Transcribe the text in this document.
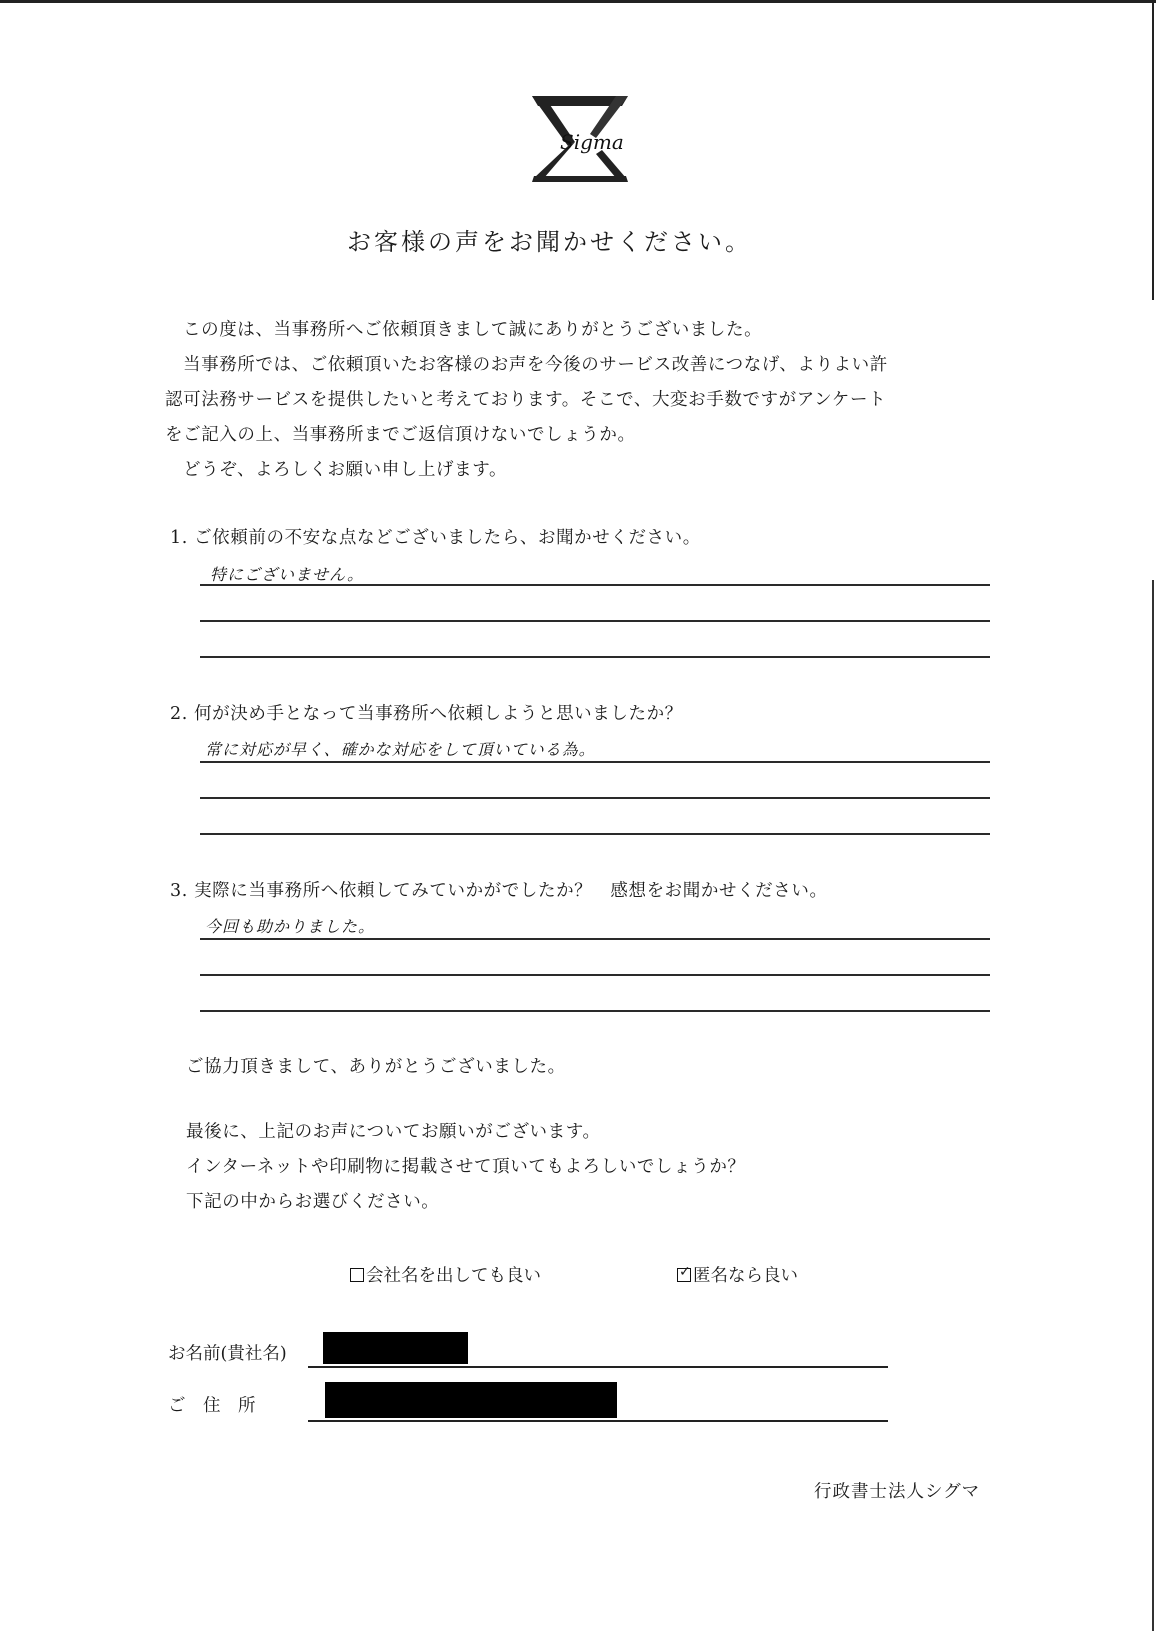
Sigma
お客様の声をお聞かせください。
この度は、当事務所へご依頼頂きまして誠にありがとうございました。
当事務所では、ご依頼頂いたお客様のお声を今後のサービス改善につなげ、よりよい許
認可法務サービスを提供したいと考えております。そこで、大変お手数ですがアンケート
をご記入の上、当事務所までご返信頂けないでしょうか。
どうぞ、よろしくお願い申し上げます。
1. ご依頼前の不安な点などございましたら、お聞かせください。
特にございません。
2. 何が決め手となって当事務所へ依頼しようと思いましたか？
常に対応が早く、確かな対応をして頂いている為。
3. 実際に当事務所へ依頼してみていかがでしたか？　感想をお聞かせください。
今回も助かりました。
ご協力頂きまして、ありがとうございました。
最後に、上記のお声についてお願いがございます。
インターネットや印刷物に掲載させて頂いてもよろしいでしょうか？
下記の中からお選びください。
会社名を出しても良い	✓ 匿名なら良い
お名前(貴社名)
ご　住　所
行政書士法人シグマ
